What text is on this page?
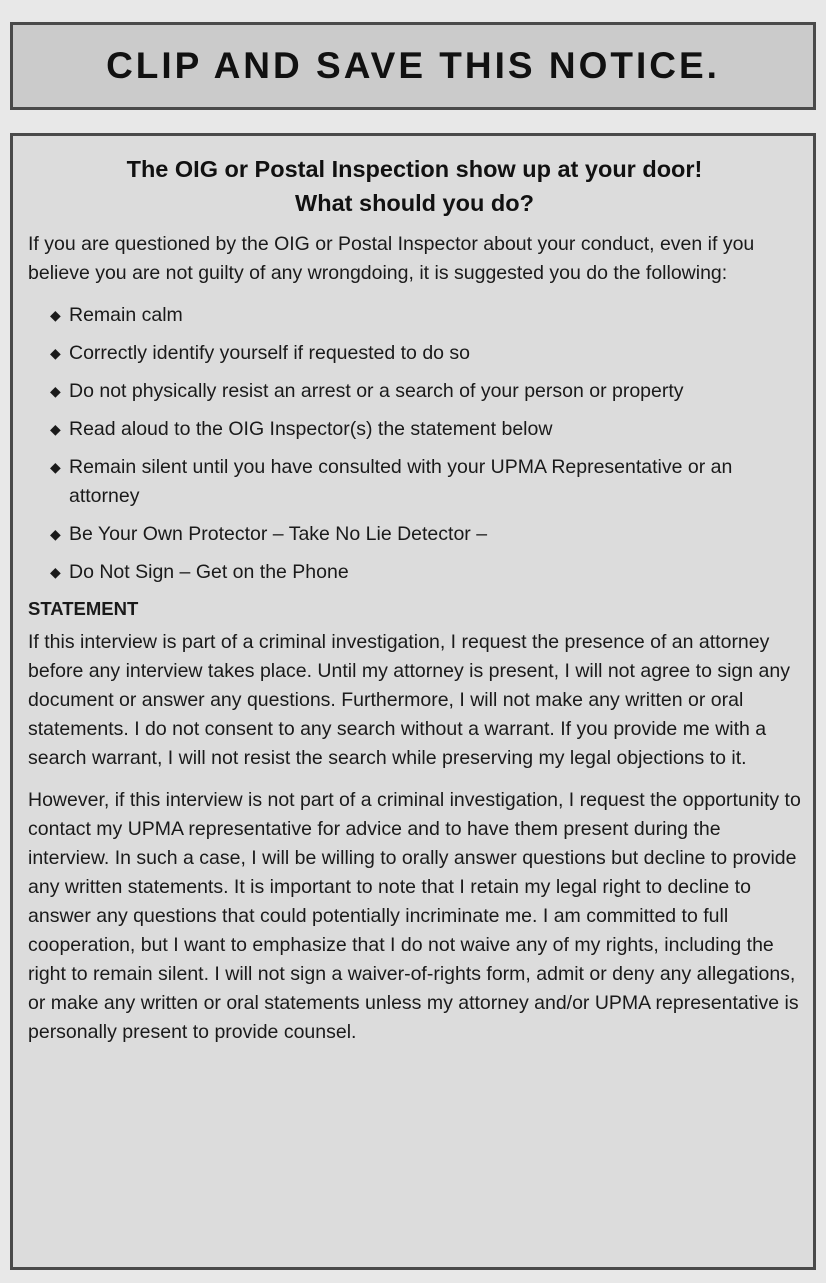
CLIP AND SAVE THIS NOTICE.
The OIG or Postal Inspection show up at your door!
What should you do?

If you are questioned by the OIG or Postal Inspector about your conduct, even if you believe you are not guilty of any wrongdoing, it is suggested you do the following:

◆ Remain calm
◆ Correctly identify yourself if requested to do so
◆ Do not physically resist an arrest or a search of your person or property
◆ Read aloud to the OIG Inspector(s) the statement below
◆ Remain silent until you have consulted with your UPMA Representative or an attorney
◆ Be Your Own Protector – Take No Lie Detector –
◆ Do Not Sign – Get on the Phone
STATEMENT

If this interview is part of a criminal investigation, I request the presence of an attorney before any interview takes place. Until my attorney is present, I will not agree to sign any document or answer any questions. Furthermore, I will not make any written or oral statements. I do not consent to any search without a warrant. If you provide me with a search warrant, I will not resist the search while preserving my legal objections to it.

However, if this interview is not part of a criminal investigation, I request the opportunity to contact my UPMA representative for advice and to have them present during the interview. In such a case, I will be willing to orally answer questions but decline to provide any written statements. It is important to note that I retain my legal right to decline to answer any questions that could potentially incriminate me. I am committed to full cooperation, but I want to emphasize that I do not waive any of my rights, including the right to remain silent. I will not sign a waiver-of-rights form, admit or deny any allegations, or make any written or oral statements unless my attorney and/or UPMA representative is personally present to provide counsel.
